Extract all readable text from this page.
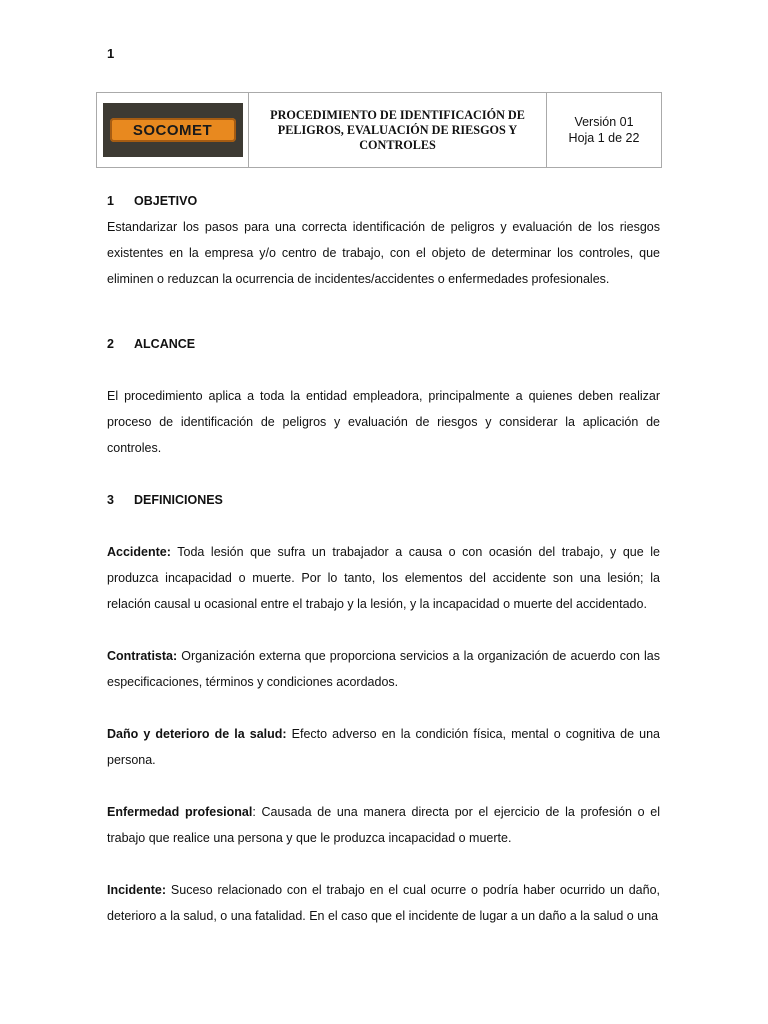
1
SOCOMET
PROCEDIMIENTO DE IDENTIFICACIÓN DE PELIGROS, EVALUACIÓN DE RIESGOS Y CONTROLES
Versión 01
Hoja 1 de 22
1 OBJETIVO

Estandarizar los pasos para una correcta identificación de peligros y evaluación de los riesgos existentes en la empresa y/o centro de trabajo, con el objeto de determinar los controles, que eliminen o reduzcan la ocurrencia de incidentes/accidentes o enfermedades profesionales.

2 ALCANCE

El procedimiento aplica a toda la entidad empleadora, principalmente a quienes deben realizar proceso de identificación de peligros y evaluación de riesgos y considerar la aplicación de controles.

3 DEFINICIONES

Accidente: Toda lesión que sufra un trabajador a causa o con ocasión del trabajo, y que le produzca incapacidad o muerte. Por lo tanto, los elementos del accidente son una lesión; la relación causal u ocasional entre el trabajo y la lesión, y la incapacidad o muerte del accidentado.

Contratista: Organización externa que proporciona servicios a la organización de acuerdo con las especificaciones, términos y condiciones acordados.

Daño y deterioro de la salud: Efecto adverso en la condición física, mental o cognitiva de una persona.

Enfermedad profesional: Causada de una manera directa por el ejercicio de la profesión o el trabajo que realice una persona y que le produzca incapacidad o muerte.

Incidente: Suceso relacionado con el trabajo en el cual ocurre o podría haber ocurrido un daño, deterioro a la salud, o una fatalidad. En el caso que el incidente de lugar a un daño a la salud o una
